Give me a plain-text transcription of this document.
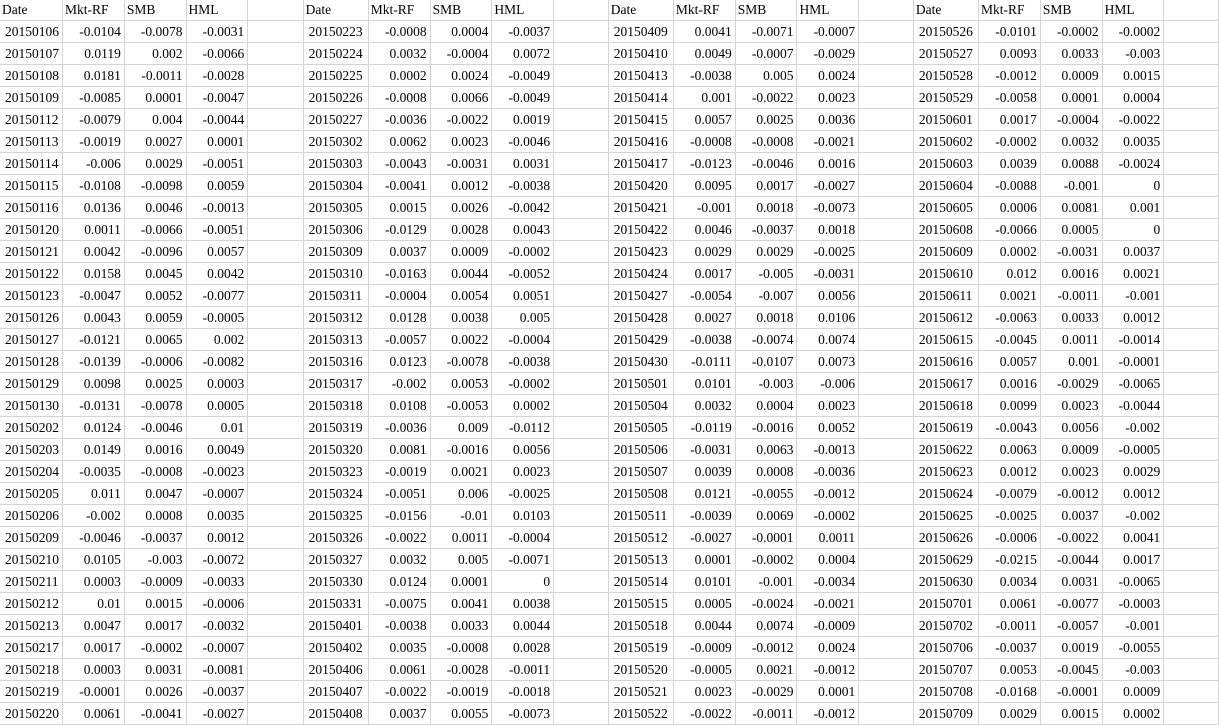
Date	Mkt-RF	SMB	HML	
20150106	-0.0104	-0.0078	-0.0031	
20150107	0.0119	0.002	-0.0066	
20150108	0.0181	-0.0011	-0.0028	
20150109	-0.0085	0.0001	-0.0047	
20150112	-0.0079	0.004	-0.0044	
20150113	-0.0019	0.0027	0.0001	
20150114	-0.006	0.0029	-0.0051	
20150115	-0.0108	-0.0098	0.0059	
20150116	0.0136	0.0046	-0.0013	
20150120	0.0011	-0.0066	-0.0051	
20150121	0.0042	-0.0096	0.0057	
20150122	0.0158	0.0045	0.0042	
20150123	-0.0047	0.0052	-0.0077	
20150126	0.0043	0.0059	-0.0005	
20150127	-0.0121	0.0065	0.002	
20150128	-0.0139	-0.0006	-0.0082	
20150129	0.0098	0.0025	0.0003	
20150130	-0.0131	-0.0078	0.0005	
20150202	0.0124	-0.0046	0.01	
20150203	0.0149	0.0016	0.0049	
20150204	-0.0035	-0.0008	-0.0023	
20150205	0.011	0.0047	-0.0007	
20150206	-0.002	0.0008	0.0035	
20150209	-0.0046	-0.0037	0.0012	
20150210	0.0105	-0.003	-0.0072	
20150211	0.0003	-0.0009	-0.0033	
20150212	0.01	0.0015	-0.0006	
20150213	0.0047	0.0017	-0.0032	
20150217	0.0017	-0.0002	-0.0007	
20150218	0.0003	0.0031	-0.0081	
20150219	-0.0001	0.0026	-0.0037	
20150220	0.0061	-0.0041	-0.0027	
Date	Mkt-RF	SMB	HML	
20150223	-0.0008	0.0004	-0.0037	
20150224	0.0032	-0.0004	0.0072	
20150225	0.0002	0.0024	-0.0049	
20150226	-0.0008	0.0066	-0.0049	
20150227	-0.0036	-0.0022	0.0019	
20150302	0.0062	0.0023	-0.0046	
20150303	-0.0043	-0.0031	0.0031	
20150304	-0.0041	0.0012	-0.0038	
20150305	0.0015	0.0026	-0.0042	
20150306	-0.0129	0.0028	0.0043	
20150309	0.0037	0.0009	-0.0002	
20150310	-0.0163	0.0044	-0.0052	
20150311	-0.0004	0.0054	0.0051	
20150312	0.0128	0.0038	0.005	
20150313	-0.0057	0.0022	-0.0004	
20150316	0.0123	-0.0078	-0.0038	
20150317	-0.002	0.0053	-0.0002	
20150318	0.0108	-0.0053	0.0002	
20150319	-0.0036	0.009	-0.0112	
20150320	0.0081	-0.0016	0.0056	
20150323	-0.0019	0.0021	0.0023	
20150324	-0.0051	0.006	-0.0025	
20150325	-0.0156	-0.01	0.0103	
20150326	-0.0022	0.0011	-0.0004	
20150327	0.0032	0.005	-0.0071	
20150330	0.0124	0.0001	0	
20150331	-0.0075	0.0041	0.0038	
20150401	-0.0038	0.0033	0.0044	
20150402	0.0035	-0.0008	0.0028	
20150406	0.0061	-0.0028	-0.0011	
20150407	-0.0022	-0.0019	-0.0018	
20150408	0.0037	0.0055	-0.0073	
Date	Mkt-RF	SMB	HML	
20150409	0.0041	-0.0071	-0.0007	
20150410	0.0049	-0.0007	-0.0029	
20150413	-0.0038	0.005	0.0024	
20150414	0.001	-0.0022	0.0023	
20150415	0.0057	0.0025	0.0036	
20150416	-0.0008	-0.0008	-0.0021	
20150417	-0.0123	-0.0046	0.0016	
20150420	0.0095	0.0017	-0.0027	
20150421	-0.001	0.0018	-0.0073	
20150422	0.0046	-0.0037	0.0018	
20150423	0.0029	0.0029	-0.0025	
20150424	0.0017	-0.005	-0.0031	
20150427	-0.0054	-0.007	0.0056	
20150428	0.0027	0.0018	0.0106	
20150429	-0.0038	-0.0074	0.0074	
20150430	-0.0111	-0.0107	0.0073	
20150501	0.0101	-0.003	-0.006	
20150504	0.0032	0.0004	0.0023	
20150505	-0.0119	-0.0016	0.0052	
20150506	-0.0031	0.0063	-0.0013	
20150507	0.0039	0.0008	-0.0036	
20150508	0.0121	-0.0055	-0.0012	
20150511	-0.0039	0.0069	-0.0002	
20150512	-0.0027	-0.0001	0.0011	
20150513	0.0001	-0.0002	0.0004	
20150514	0.0101	-0.001	-0.0034	
20150515	0.0005	-0.0024	-0.0021	
20150518	0.0044	0.0074	-0.0009	
20150519	-0.0009	-0.0012	0.0024	
20150520	-0.0005	0.0021	-0.0012	
20150521	0.0023	-0.0029	0.0001	
20150522	-0.0022	-0.0011	-0.0012	
Date	Mkt-RF	SMB	HML	
20150526	-0.0101	-0.0002	-0.0002	
20150527	0.0093	0.0033	-0.003	
20150528	-0.0012	0.0009	0.0015	
20150529	-0.0058	0.0001	0.0004	
20150601	0.0017	-0.0004	-0.0022	
20150602	-0.0002	0.0032	0.0035	
20150603	0.0039	0.0088	-0.0024	
20150604	-0.0088	-0.001	0	
20150605	0.0006	0.0081	0.001	
20150608	-0.0066	0.0005	0	
20150609	0.0002	-0.0031	0.0037	
20150610	0.012	0.0016	0.0021	
20150611	0.0021	-0.0011	-0.001	
20150612	-0.0063	0.0033	0.0012	
20150615	-0.0045	0.0011	-0.0014	
20150616	0.0057	0.001	-0.0001	
20150617	0.0016	-0.0029	-0.0065	
20150618	0.0099	0.0023	-0.0044	
20150619	-0.0043	0.0056	-0.002	
20150622	0.0063	0.0009	-0.0005	
20150623	0.0012	0.0023	0.0029	
20150624	-0.0079	-0.0012	0.0012	
20150625	-0.0025	0.0037	-0.002	
20150626	-0.0006	-0.0022	0.0041	
20150629	-0.0215	-0.0044	0.0017	
20150630	0.0034	0.0031	-0.0065	
20150701	0.0061	-0.0077	-0.0003	
20150702	-0.0011	-0.0057	-0.001	
20150706	-0.0037	0.0019	-0.0055	
20150707	0.0053	-0.0045	-0.003	
20150708	-0.0168	-0.0001	0.0009	
20150709	0.0029	0.0015	0.0002	
